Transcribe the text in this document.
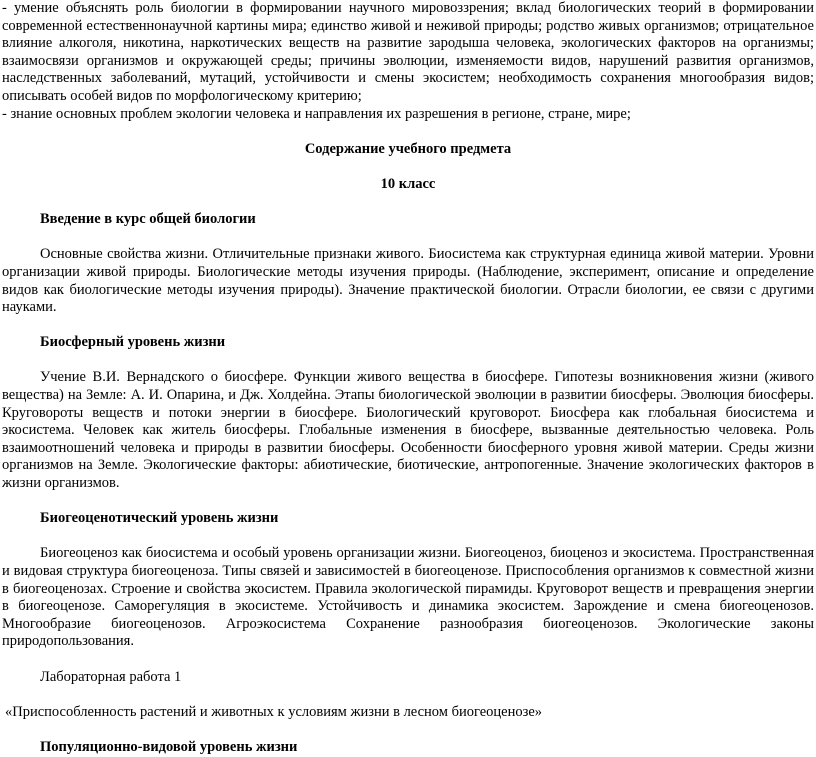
- умение объяснять роль биологии в формировании научного мировоззрения; вклад биологических теорий в формировании современной естественнонаучной картины мира; единство живой и неживой природы; родство живых организмов; отрицательное влияние алкоголя, никотина, наркотических веществ на развитие зародыша человека, экологических факторов на организмы; взаимосвязи организмов и окружающей среды; причины эволюции, изменяемости видов, нарушений развития организмов, наследственных заболеваний, мутаций, устойчивости и смены экосистем; необходимость сохранения многообразия видов; описывать особей видов по морфологическому критерию;

- знание основных проблем экологии человека и направления их разрешения в регионе, стране, мире;

Содержание учебного предмета

10 класс

Введение в курс общей биологии

Основные свойства жизни. Отличительные признаки живого. Биосистема как структурная единица живой материи. Уровни организации живой природы. Биологические методы изучения природы. (Наблюдение, эксперимент, описание и определение видов как биологические методы изучения природы). Значение практической биологии. Отрасли биологии, ее связи с другими науками.

Биосферный уровень жизни

Учение В.И. Вернадского о биосфере. Функции живого вещества в биосфере. Гипотезы возникновения жизни (живого вещества) на Земле: А. И. Опарина, и Дж. Холдейна. Этапы биологической эволюции в развитии биосферы. Эволюция биосферы. Круговороты веществ и потоки энергии в биосфере. Биологический круговорот. Биосфера как глобальная биосистема и экосистема. Человек как житель биосферы. Глобальные изменения в биосфере, вызванные деятельностью человека. Роль взаимоотношений человека и природы в развитии биосферы. Особенности биосферного уровня живой материи. Среды жизни организмов на Земле. Экологические факторы: абиотические, биотические, антропогенные. Значение экологических факторов в жизни организмов.

Биогеоценотический уровень жизни

Биогеоценоз как биосистема и особый уровень организации жизни. Биогеоценоз, биоценоз и экосистема. Пространственная и видовая структура биогеоценоза. Типы связей и зависимостей в биогеоценозе. Приспособления организмов к совместной жизни в биогеоценозах. Строение и свойства экосистем. Правила экологической пирамиды. Круговорот веществ и превращения энергии в биогеоценозе. Саморегуляция в экосистеме. Устойчивость и динамика экосистем. Зарождение и смена биогеоценозов. Многообразие биогеоценозов. Агроэкосистема Сохранение разнообразия биогеоценозов. Экологические законы природопользования.

Лабораторная работа 1

«Приспособленность растений и животных к условиям жизни в лесном биогеоценозе»

Популяционно-видовой уровень жизни
